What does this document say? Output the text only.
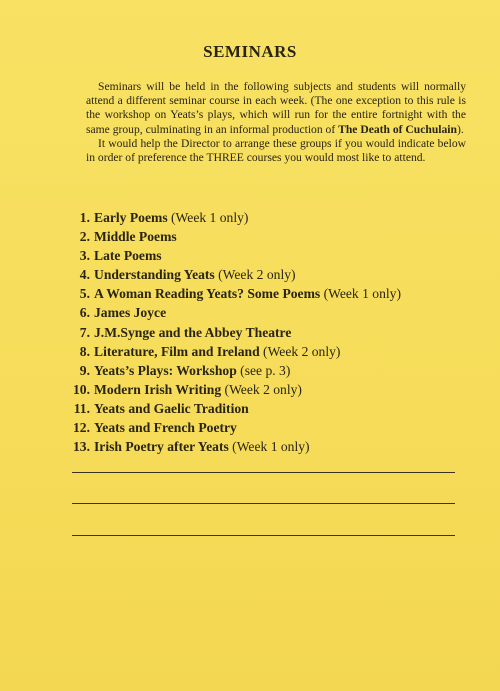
SEMINARS

Seminars will be held in the following subjects and students will normally attend a different seminar course in each week. (The one exception to this rule is the workshop on Yeats’s plays, which will run for the entire fortnight with the same group, culminating in an informal production of The Death of Cuchulain).

It would help the Director to arrange these groups if you would indicate below in order of preference the THREE courses you would most like to attend.

1. Early Poems (Week 1 only)
2. Middle Poems
3. Late Poems
4. Understanding Yeats (Week 2 only)
5. A Woman Reading Yeats? Some Poems (Week 1 only)
6. James Joyce
7. J.M.Synge and the Abbey Theatre
8. Literature, Film and Ireland (Week 2 only)
9. Yeats’s Plays: Workshop (see p. 3)
10. Modern Irish Writing (Week 2 only)
11. Yeats and Gaelic Tradition
12. Yeats and French Poetry
13. Irish Poetry after Yeats (Week 1 only)
